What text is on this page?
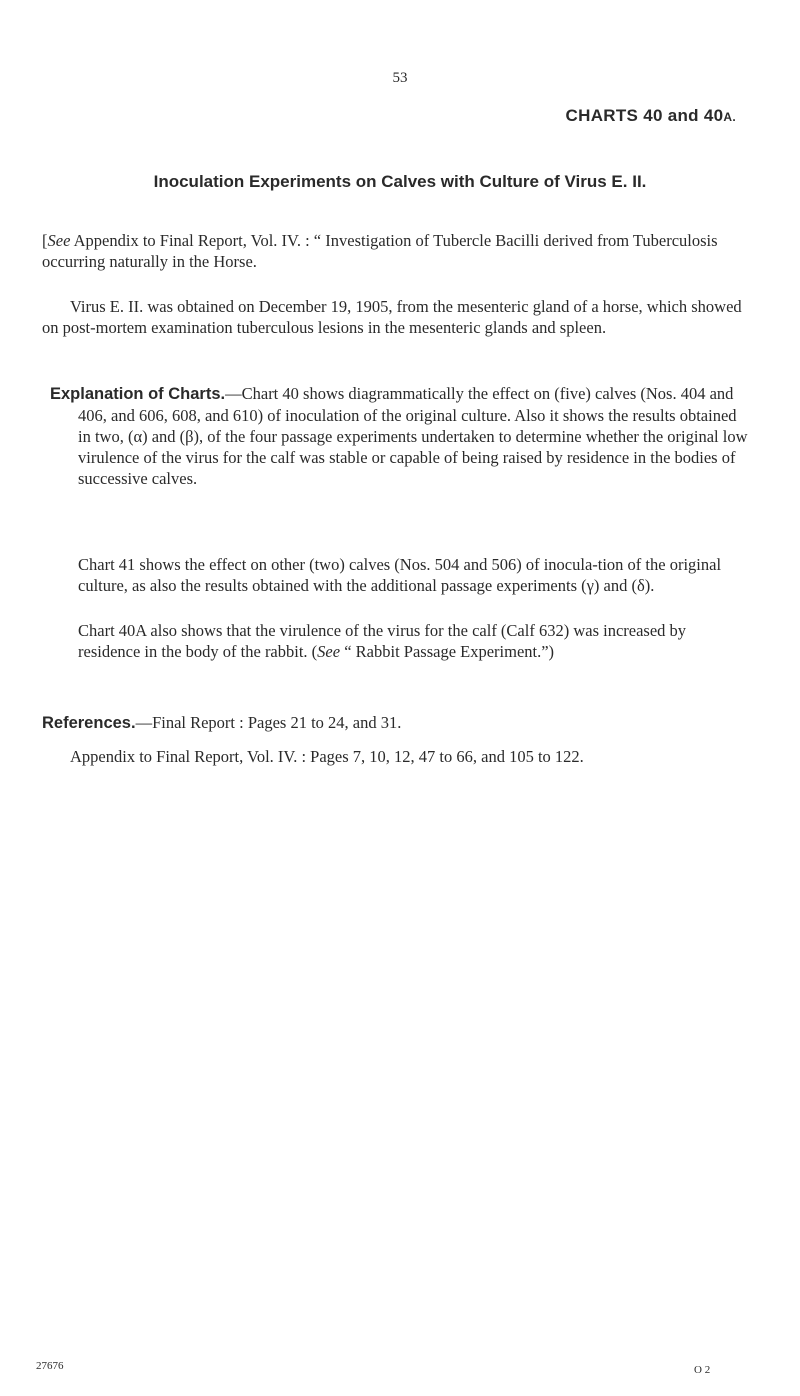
53
CHARTS 40 and 40A.
Inoculation Experiments on Calves with Culture of Virus E. II.
[See Appendix to Final Report, Vol. IV. : “ Investigation of Tubercle Bacilli derived from Tuberculosis occurring naturally in the Horse.
Virus E. II. was obtained on December 19, 1905, from the mesenteric gland of a horse, which showed on post-mortem examination tuberculous lesions in the mesenteric glands and spleen.
Explanation of Charts.—Chart 40 shows diagrammatically the effect on (five) calves (Nos. 404 and 406, and 606, 608, and 610) of inoculation of the original culture. Also it shows the results obtained in two, (α) and (β), of the four passage experiments undertaken to determine whether the original low virulence of the virus for the calf was stable or capable of being raised by residence in the bodies of successive calves.
Chart 41 shows the effect on other (two) calves (Nos. 504 and 506) of inocula-tion of the original culture, as also the results obtained with the additional passage experiments (γ) and (δ).
Chart 40A also shows that the virulence of the virus for the calf (Calf 632) was increased by residence in the body of the rabbit. (See “ Rabbit Passage Experiment.”)
References.—Final Report : Pages 21 to 24, and 31.
Appendix to Final Report, Vol. IV. : Pages 7, 10, 12, 47 to 66, and 105 to 122.
27676	O 2
